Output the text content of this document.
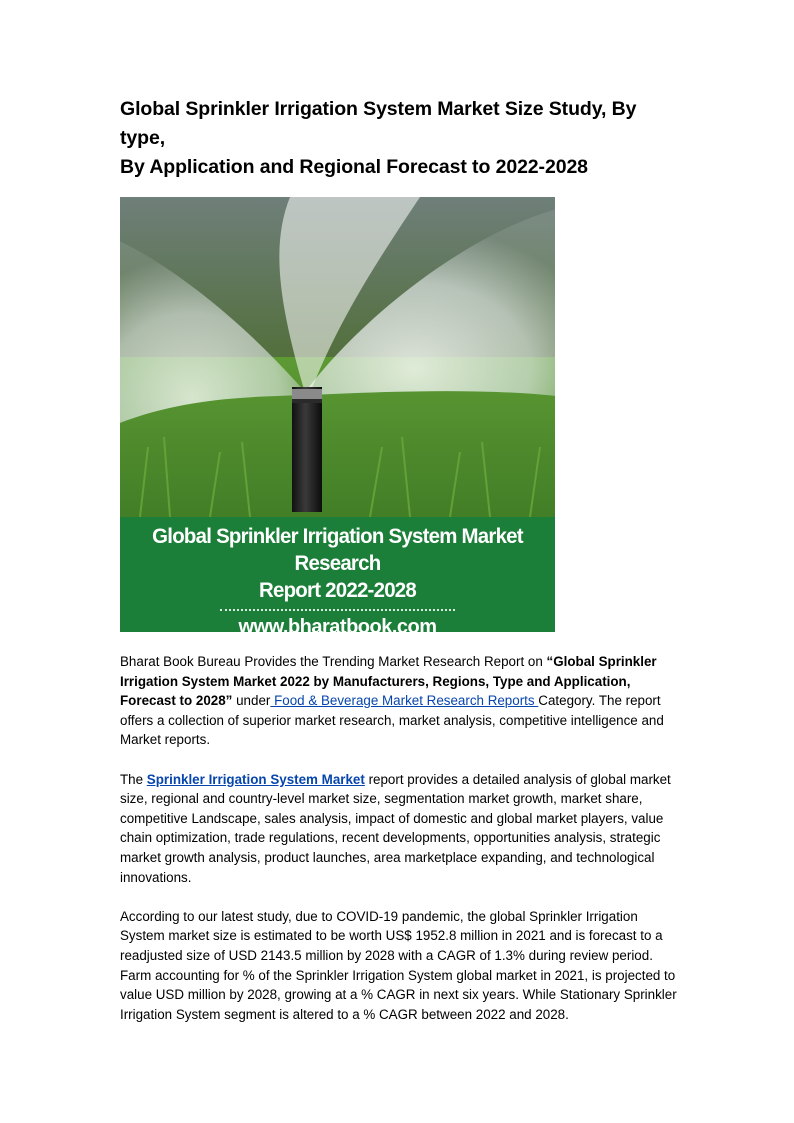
Global Sprinkler Irrigation System Market Size Study, By type,
By Application and Regional Forecast to 2022-2028
Global Sprinkler Irrigation System Market Research
Report 2022-2028
www.bharatbook.com

Bharat Book Bureau Provides the Trending Market Research Report on “Global Sprinkler Irrigation System Market 2022 by Manufacturers, Regions, Type and Application, Forecast to 2028” under Food & Beverage Market Research Reports Category. The report offers a collection of superior market research, market analysis, competitive intelligence and Market reports.

The Sprinkler Irrigation System Market report provides a detailed analysis of global market size, regional and country-level market size, segmentation market growth, market share, competitive Landscape, sales analysis, impact of domestic and global market players, value chain optimization, trade regulations, recent developments, opportunities analysis, strategic market growth analysis, product launches, area marketplace expanding, and technological innovations.

According to our latest study, due to COVID-19 pandemic, the global Sprinkler Irrigation System market size is estimated to be worth US$ 1952.8 million in 2021 and is forecast to a readjusted size of USD 2143.5 million by 2028 with a CAGR of 1.3% during review period. Farm accounting for % of the Sprinkler Irrigation System global market in 2021, is projected to value USD million by 2028, growing at a % CAGR in next six years. While Stationary Sprinkler Irrigation System segment is altered to a % CAGR between 2022 and 2028.
